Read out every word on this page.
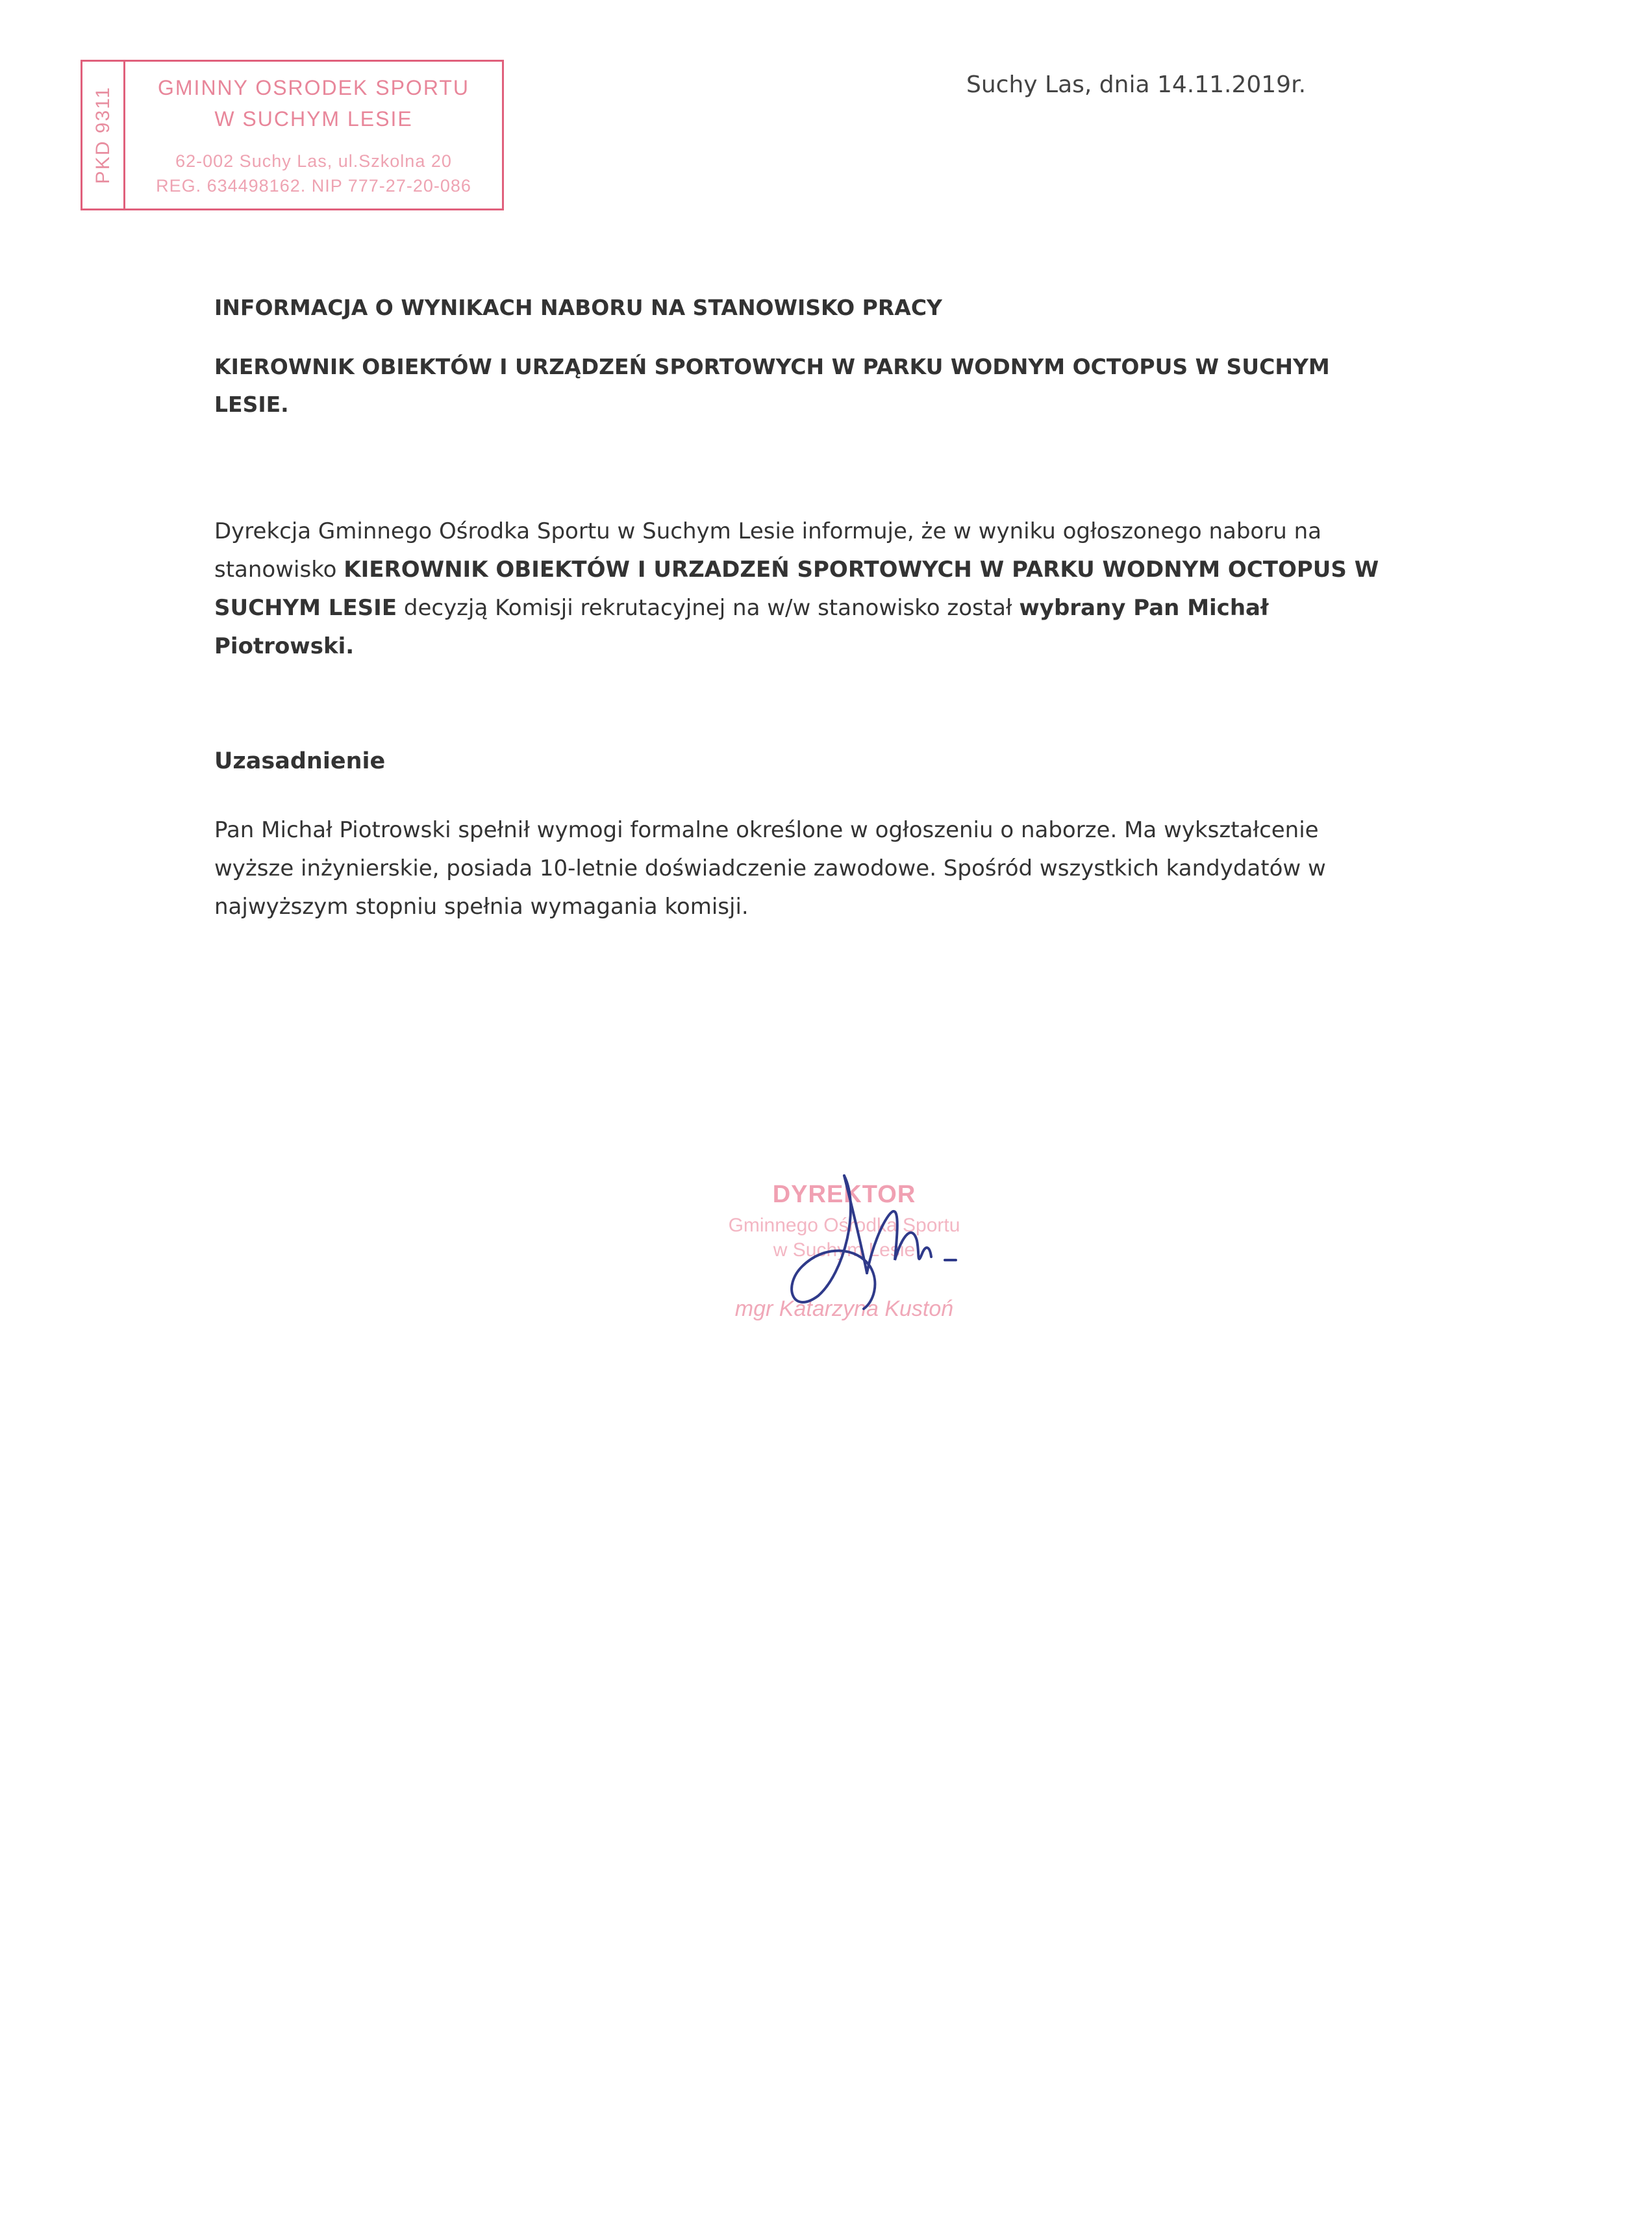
PKD 9311	GMINNY OSRODEK SPORTU
W SUCHYM LESIE
62-002 Suchy Las, ul.Szkolna 20
REG. 634498162. NIP 777-27-20-086
Suchy Las, dnia 14.11.2019r.
INFORMACJA O WYNIKACH NABORU NA STANOWISKO PRACY
KIEROWNIK OBIEKTÓW I URZĄDZEŃ SPORTOWYCH W PARKU WODNYM OCTOPUS W SUCHYM
LESIE.
Dyrekcja Gminnego Ośrodka Sportu w Suchym Lesie informuje, że w wyniku ogłoszonego naboru na
stanowisko KIEROWNIK OBIEKTÓW I URZADZEŃ SPORTOWYCH W PARKU WODNYM OCTOPUS W
SUCHYM LESIE decyzją Komisji rekrutacyjnej na w/w stanowisko został wybrany Pan Michał
Piotrowski.
Uzasadnienie
Pan Michał Piotrowski spełnił wymogi formalne określone w ogłoszeniu o naborze. Ma wykształcenie
wyższe inżynierskie, posiada 10-letnie doświadczenie zawodowe. Spośród wszystkich kandydatów w
najwyższym stopniu spełnia wymagania komisji.
DYREKTOR
Gminnego Ośrodka Sportu
w Suchym Lesie
mgr Katarzyna Kustoń
